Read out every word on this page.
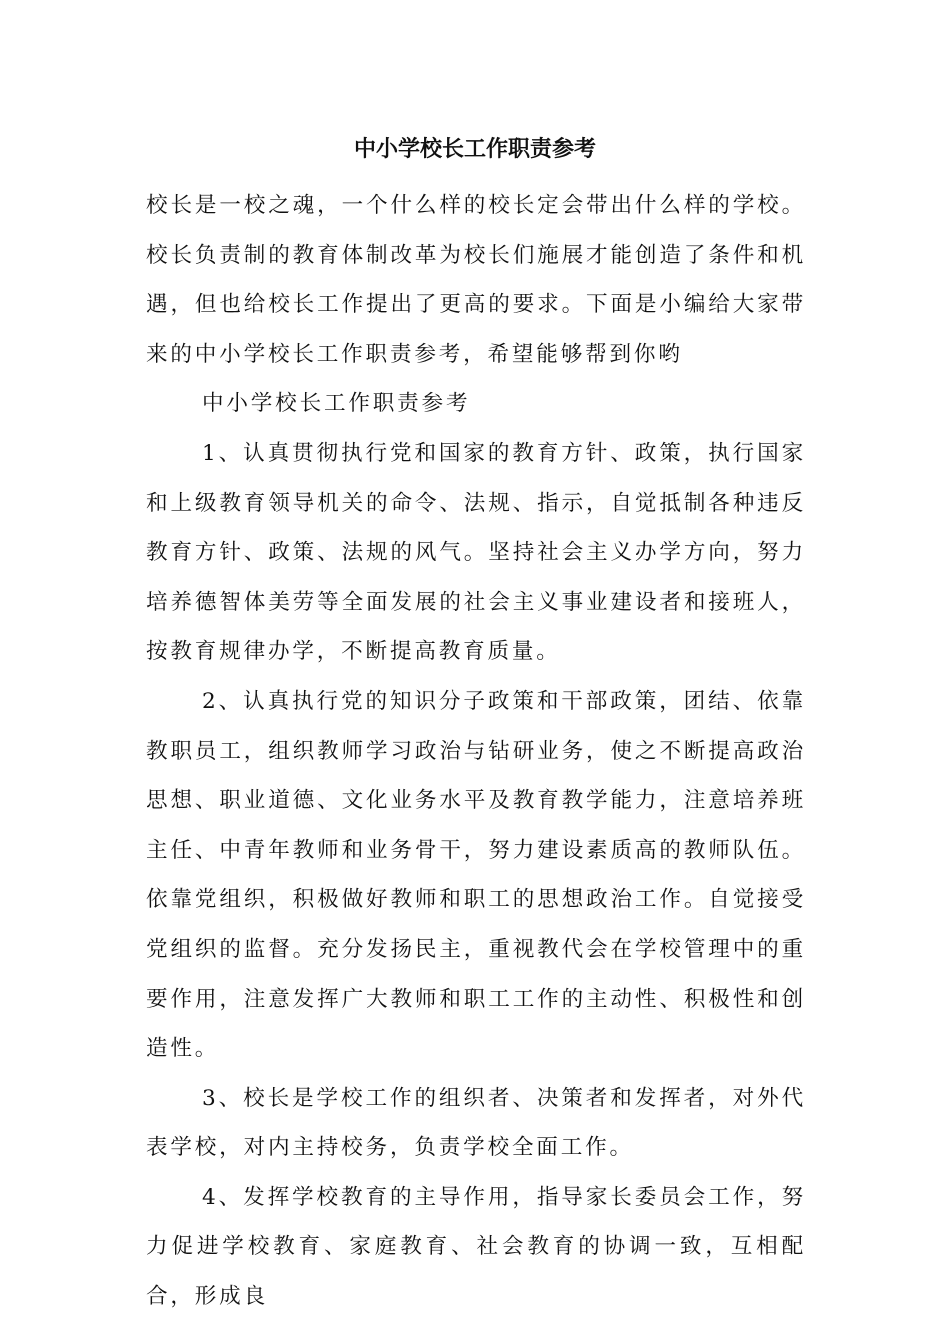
中小学校长工作职责参考

校长是一校之魂，一个什么样的校长定会带出什么样的学校。校长负责制的教育体制改革为校长们施展才能创造了条件和机遇，但也给校长工作提出了更高的要求。下面是小编给大家带来的中小学校长工作职责参考，希望能够帮到你哟

中小学校长工作职责参考

1、认真贯彻执行党和国家的教育方针、政策，执行国家和上级教育领导机关的命令、法规、指示，自觉抵制各种违反教育方针、政策、法规的风气。坚持社会主义办学方向，努力培养德智体美劳等全面发展的社会主义事业建设者和接班人，按教育规律办学，不断提高教育质量。

2、认真执行党的知识分子政策和干部政策，团结、依靠教职员工，组织教师学习政治与钻研业务，使之不断提高政治思想、职业道德、文化业务水平及教育教学能力，注意培养班主任、中青年教师和业务骨干，努力建设素质高的教师队伍。依靠党组织，积极做好教师和职工的思想政治工作。自觉接受党组织的监督。充分发扬民主，重视教代会在学校管理中的重要作用，注意发挥广大教师和职工工作的主动性、积极性和创造性。

3、校长是学校工作的组织者、决策者和发挥者，对外代表学校，对内主持校务，负责学校全面工作。

4、发挥学校教育的主导作用，指导家长委员会工作，努力促进学校教育、家庭教育、社会教育的协调一致，互相配合，形成良
